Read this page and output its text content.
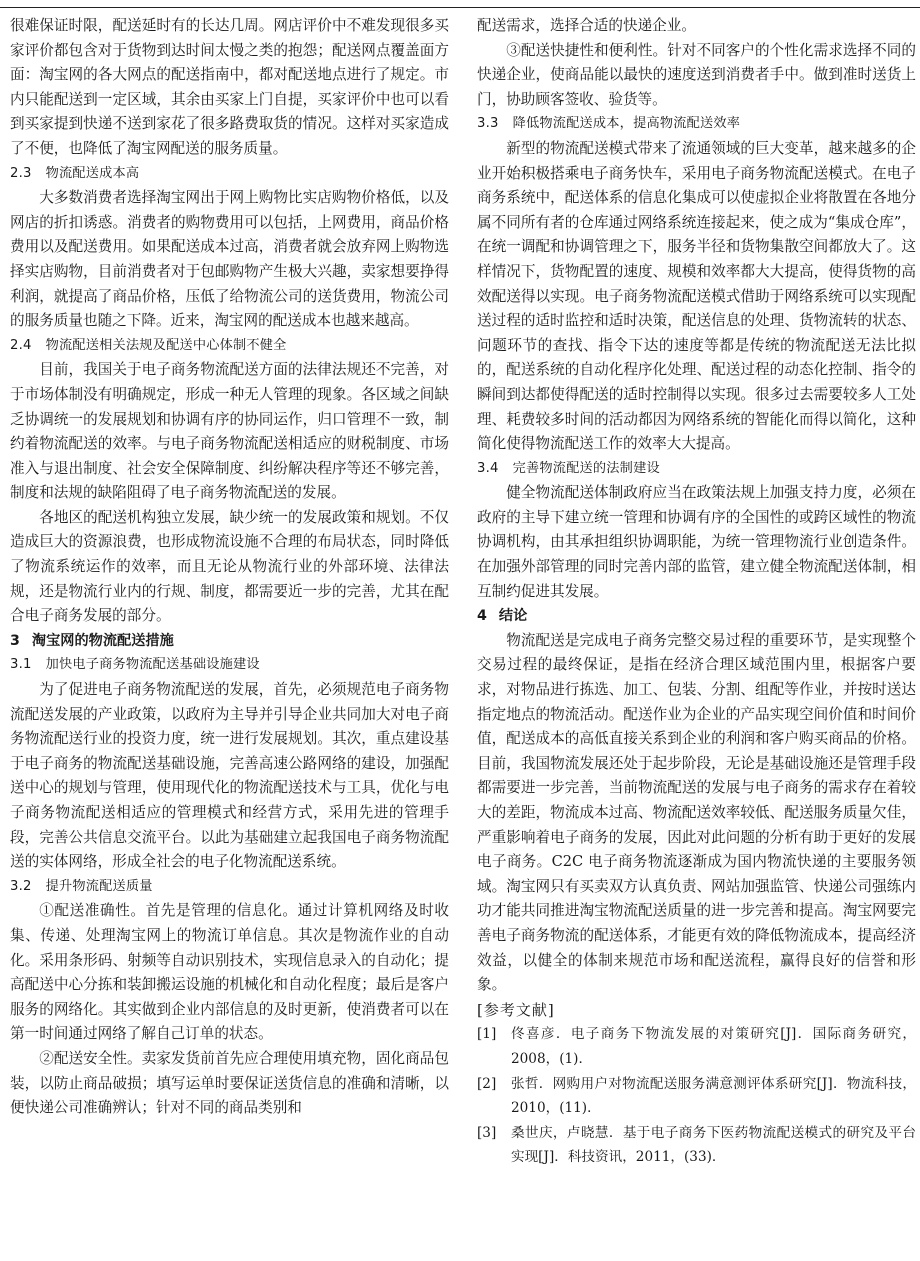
很难保证时限，配送延时有的长达几周。网店评价中不难发现很多买家评价都包含对于货物到达时间太慢之类的抱怨；配送网点覆盖面方面：淘宝网的各大网点的配送指南中，都对配送地点进行了规定。市内只能配送到一定区域，其余由买家上门自提，买家评价中也可以看到买家提到快递不送到家花了很多路费取货的情况。这样对买家造成了不便，也降低了淘宝网配送的服务质量。

2.3 物流配送成本高

大多数消费者选择淘宝网出于网上购物比实店购物价格低，以及网店的折扣诱惑。消费者的购物费用可以包括，上网费用，商品价格费用以及配送费用。如果配送成本过高，消费者就会放弃网上购物选择实店购物，目前消费者对于包邮购物产生极大兴趣，卖家想要挣得利润，就提高了商品价格，压低了给物流公司的送货费用，物流公司的服务质量也随之下降。近来，淘宝网的配送成本也越来越高。

2.4 物流配送相关法规及配送中心体制不健全

目前，我国关于电子商务物流配送方面的法律法规还不完善，对于市场体制没有明确规定，形成一种无人管理的现象。各区域之间缺乏协调统一的发展规划和协调有序的协同运作，归口管理不一致，制约着物流配送的效率。与电子商务物流配送相适应的财税制度、市场准入与退出制度、社会安全保障制度、纠纷解决程序等还不够完善，制度和法规的缺陷阻碍了电子商务物流配送的发展。

各地区的配送机构独立发展，缺少统一的发展政策和规划。不仅造成巨大的资源浪费，也形成物流设施不合理的布局状态，同时降低了物流系统运作的效率，而且无论从物流行业的外部环境、法律法规，还是物流行业内的行规、制度，都需要近一步的完善，尤其在配合电子商务发展的部分。

3 淘宝网的物流配送措施

3.1 加快电子商务物流配送基础设施建设

为了促进电子商务物流配送的发展，首先，必须规范电子商务物流配送发展的产业政策，以政府为主导并引导企业共同加大对电子商务物流配送行业的投资力度，统一进行发展规划。其次，重点建设基于电子商务的物流配送基础设施，完善高速公路网络的建设，加强配送中心的规划与管理，使用现代化的物流配送技术与工具，优化与电子商务物流配送相适应的管理模式和经营方式，采用先进的管理手段，完善公共信息交流平台。以此为基础建立起我国电子商务物流配送的实体网络，形成全社会的电子化物流配送系统。

3.2 提升物流配送质量

①配送准确性。首先是管理的信息化。通过计算机网络及时收集、传递、处理淘宝网上的物流订单信息。其次是物流作业的自动化。采用条形码、射频等自动识别技术，实现信息录入的自动化；提高配送中心分拣和装卸搬运设施的机械化和自动化程度；最后是客户服务的网络化。其实做到企业内部信息的及时更新，使消费者可以在第一时间通过网络了解自己订单的状态。

②配送安全性。卖家发货前首先应合理使用填充物，固化商品包装，以防止商品破损；填写运单时要保证送货信息的准确和清晰，以便快递公司准确辨认；针对不同的商品类别和

配送需求，选择合适的快递企业。

③配送快捷性和便利性。针对不同客户的个性化需求选择不同的快递企业，使商品能以最快的速度送到消费者手中。做到准时送货上门，协助顾客签收、验货等。

3.3 降低物流配送成本，提高物流配送效率

新型的物流配送模式带来了流通领域的巨大变革，越来越多的企业开始积极搭乘电子商务快车，采用电子商务物流配送模式。在电子商务系统中，配送体系的信息化集成可以使虚拟企业将散置在各地分属不同所有者的仓库通过网络系统连接起来，使之成为“集成仓库”，在统一调配和协调管理之下，服务半径和货物集散空间都放大了。这样情况下，货物配置的速度、规模和效率都大大提高，使得货物的高效配送得以实现。电子商务物流配送模式借助于网络系统可以实现配送过程的适时监控和适时决策，配送信息的处理、货物流转的状态、问题环节的查找、指令下达的速度等都是传统的物流配送无法比拟的，配送系统的自动化程序化处理、配送过程的动态化控制、指令的瞬间到达都使得配送的适时控制得以实现。很多过去需要较多人工处理、耗费较多时间的活动都因为网络系统的智能化而得以简化，这种简化使得物流配送工作的效率大大提高。

3.4 完善物流配送的法制建设

健全物流配送体制政府应当在政策法规上加强支持力度，必须在政府的主导下建立统一管理和协调有序的全国性的或跨区域性的物流协调机构，由其承担组织协调职能，为统一管理物流行业创造条件。在加强外部管理的同时完善内部的监管，建立健全物流配送体制，相互制约促进其发展。

4 结论

物流配送是完成电子商务完整交易过程的重要环节，是实现整个交易过程的最终保证，是指在经济合理区域范围内里，根据客户要求，对物品进行拣选、加工、包装、分割、组配等作业，并按时送达指定地点的物流活动。配送作业为企业的产品实现空间价值和时间价值，配送成本的高低直接关系到企业的利润和客户购买商品的价格。目前，我国物流发展还处于起步阶段，无论是基础设施还是管理手段都需要进一步完善，当前物流配送的发展与电子商务的需求存在着较大的差距，物流成本过高、物流配送效率较低、配送服务质量欠佳，严重影响着电子商务的发展，因此对此问题的分析有助于更好的发展电子商务。C2C 电子商务物流逐渐成为国内物流快递的主要服务领域。淘宝网只有买卖双方认真负责、网站加强监管、快递公司强练内功才能共同推进淘宝物流配送质量的进一步完善和提高。淘宝网要完善电子商务物流的配送体系，才能更有效的降低物流成本，提高经济效益，以健全的体制来规范市场和配送流程，赢得良好的信誉和形象。

[参考文献]

[1] 佟喜彦．电子商务下物流发展的对策研究[J]．国际商务研究，2008，(1)．

[2] 张哲．网购用户对物流配送服务满意测评体系研究[J]．物流科技，2010，(11)．

[3] 桑世庆，卢晓慧．基于电子商务下医药物流配送模式的研究及平台实现[J]．科技资讯，2011，(33)．
